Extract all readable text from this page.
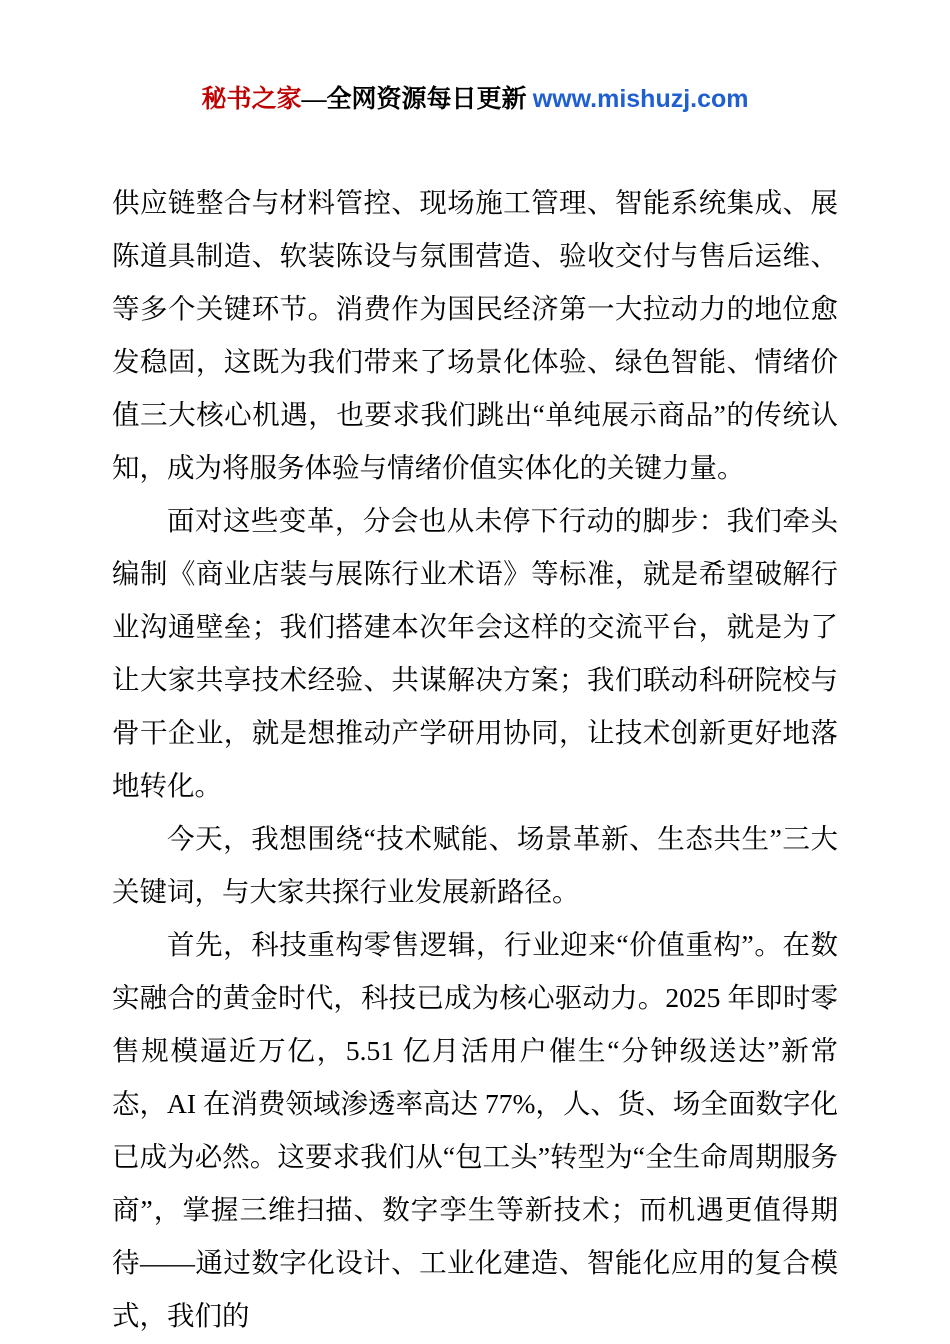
秘书之家—全网资源每日更新 www.mishuzj.com

供应链整合与材料管控、现场施工管理、智能系统集成、展陈道具制造、软装陈设与氛围营造、验收交付与售后运维、等多个关键环节。消费作为国民经济第一大拉动力的地位愈发稳固，这既为我们带来了场景化体验、绿色智能、情绪价值三大核心机遇，也要求我们跳出“单纯展示商品”的传统认知，成为将服务体验与情绪价值实体化的关键力量。

面对这些变革，分会也从未停下行动的脚步：我们牵头编制《商业店装与展陈行业术语》等标准，就是希望破解行业沟通壁垒；我们搭建本次年会这样的交流平台，就是为了让大家共享技术经验、共谋解决方案；我们联动科研院校与骨干企业，就是想推动产学研用协同，让技术创新更好地落地转化。

今天，我想围绕“技术赋能、场景革新、生态共生”三大关键词，与大家共探行业发展新路径。

首先，科技重构零售逻辑，行业迎来“价值重构”。在数实融合的黄金时代，科技已成为核心驱动力。2025 年即时零售规模逼近万亿，5.51 亿月活用户催生“分钟级送达”新常态，AI 在消费领域渗透率高达 77%，人、货、场全面数字化已成为必然。这要求我们从“包工头”转型为“全生命周期服务商”，掌握三维扫描、数字孪生等新技术；而机遇更值得期待——通过数字化设计、工业化建造、智能化应用的复合模式，我们的
